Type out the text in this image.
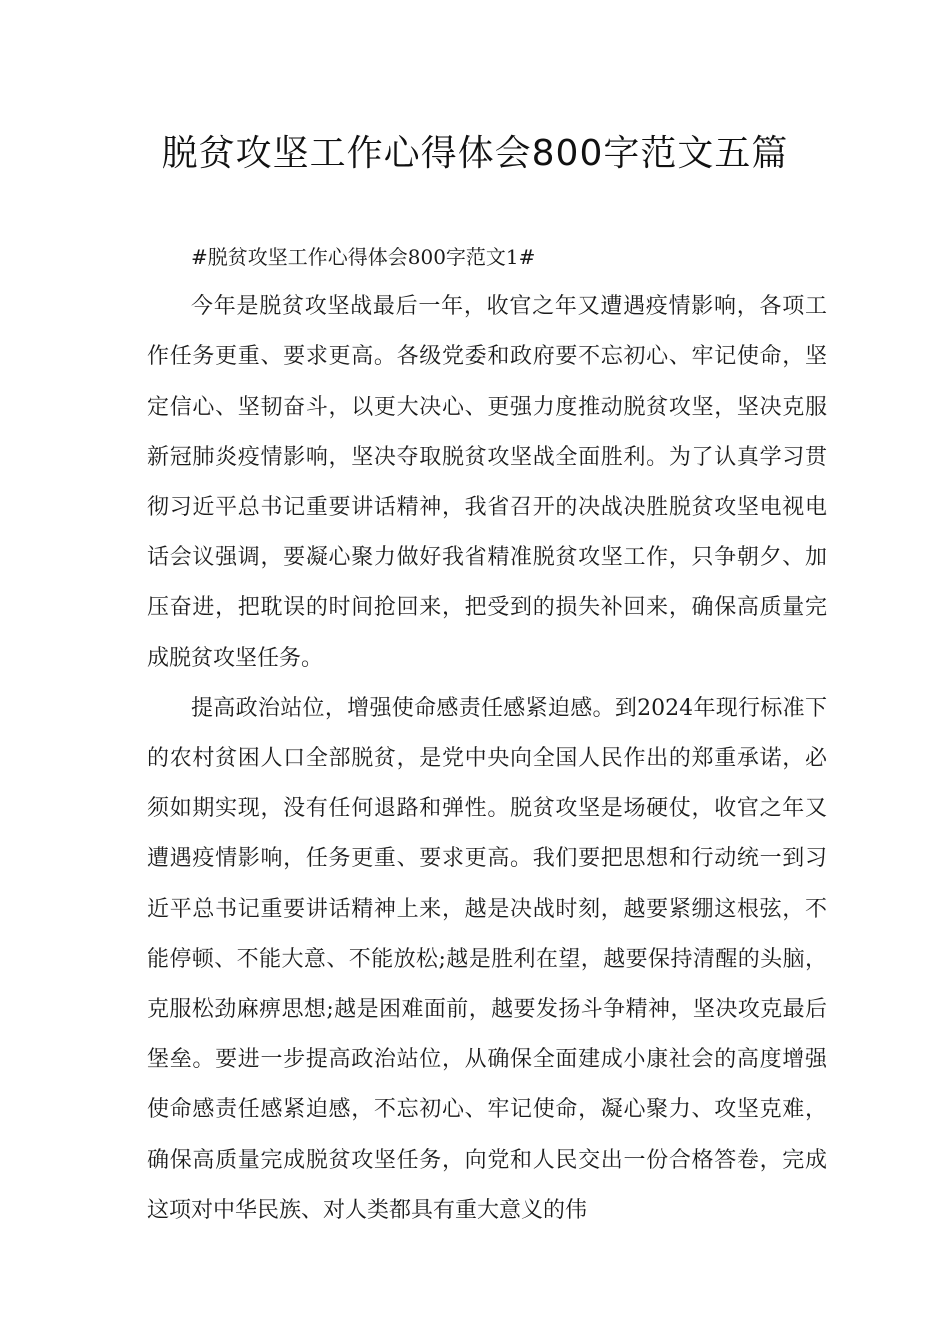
脱贫攻坚工作心得体会800字范文五篇

#脱贫攻坚工作心得体会800字范文1#

今年是脱贫攻坚战最后一年，收官之年又遭遇疫情影响，各项工作任务更重、要求更高。各级党委和政府要不忘初心、牢记使命，坚定信心、坚韧奋斗，以更大决心、更强力度推动脱贫攻坚，坚决克服新冠肺炎疫情影响，坚决夺取脱贫攻坚战全面胜利。为了认真学习贯彻习近平总书记重要讲话精神，我省召开的决战决胜脱贫攻坚电视电话会议强调，要凝心聚力做好我省精准脱贫攻坚工作，只争朝夕、加压奋进，把耽误的时间抢回来，把受到的损失补回来，确保高质量完成脱贫攻坚任务。

提高政治站位，增强使命感责任感紧迫感。到2024年现行标准下的农村贫困人口全部脱贫，是党中央向全国人民作出的郑重承诺，必须如期实现，没有任何退路和弹性。脱贫攻坚是场硬仗，收官之年又遭遇疫情影响，任务更重、要求更高。我们要把思想和行动统一到习近平总书记重要讲话精神上来，越是决战时刻，越要紧绷这根弦，不能停顿、不能大意、不能放松;越是胜利在望，越要保持清醒的头脑，克服松劲麻痹思想;越是困难面前，越要发扬斗争精神，坚决攻克最后堡垒。要进一步提高政治站位，从确保全面建成小康社会的高度增强使命感责任感紧迫感，不忘初心、牢记使命，凝心聚力、攻坚克难，确保高质量完成脱贫攻坚任务，向党和人民交出一份合格答卷，完成这项对中华民族、对人类都具有重大意义的伟
